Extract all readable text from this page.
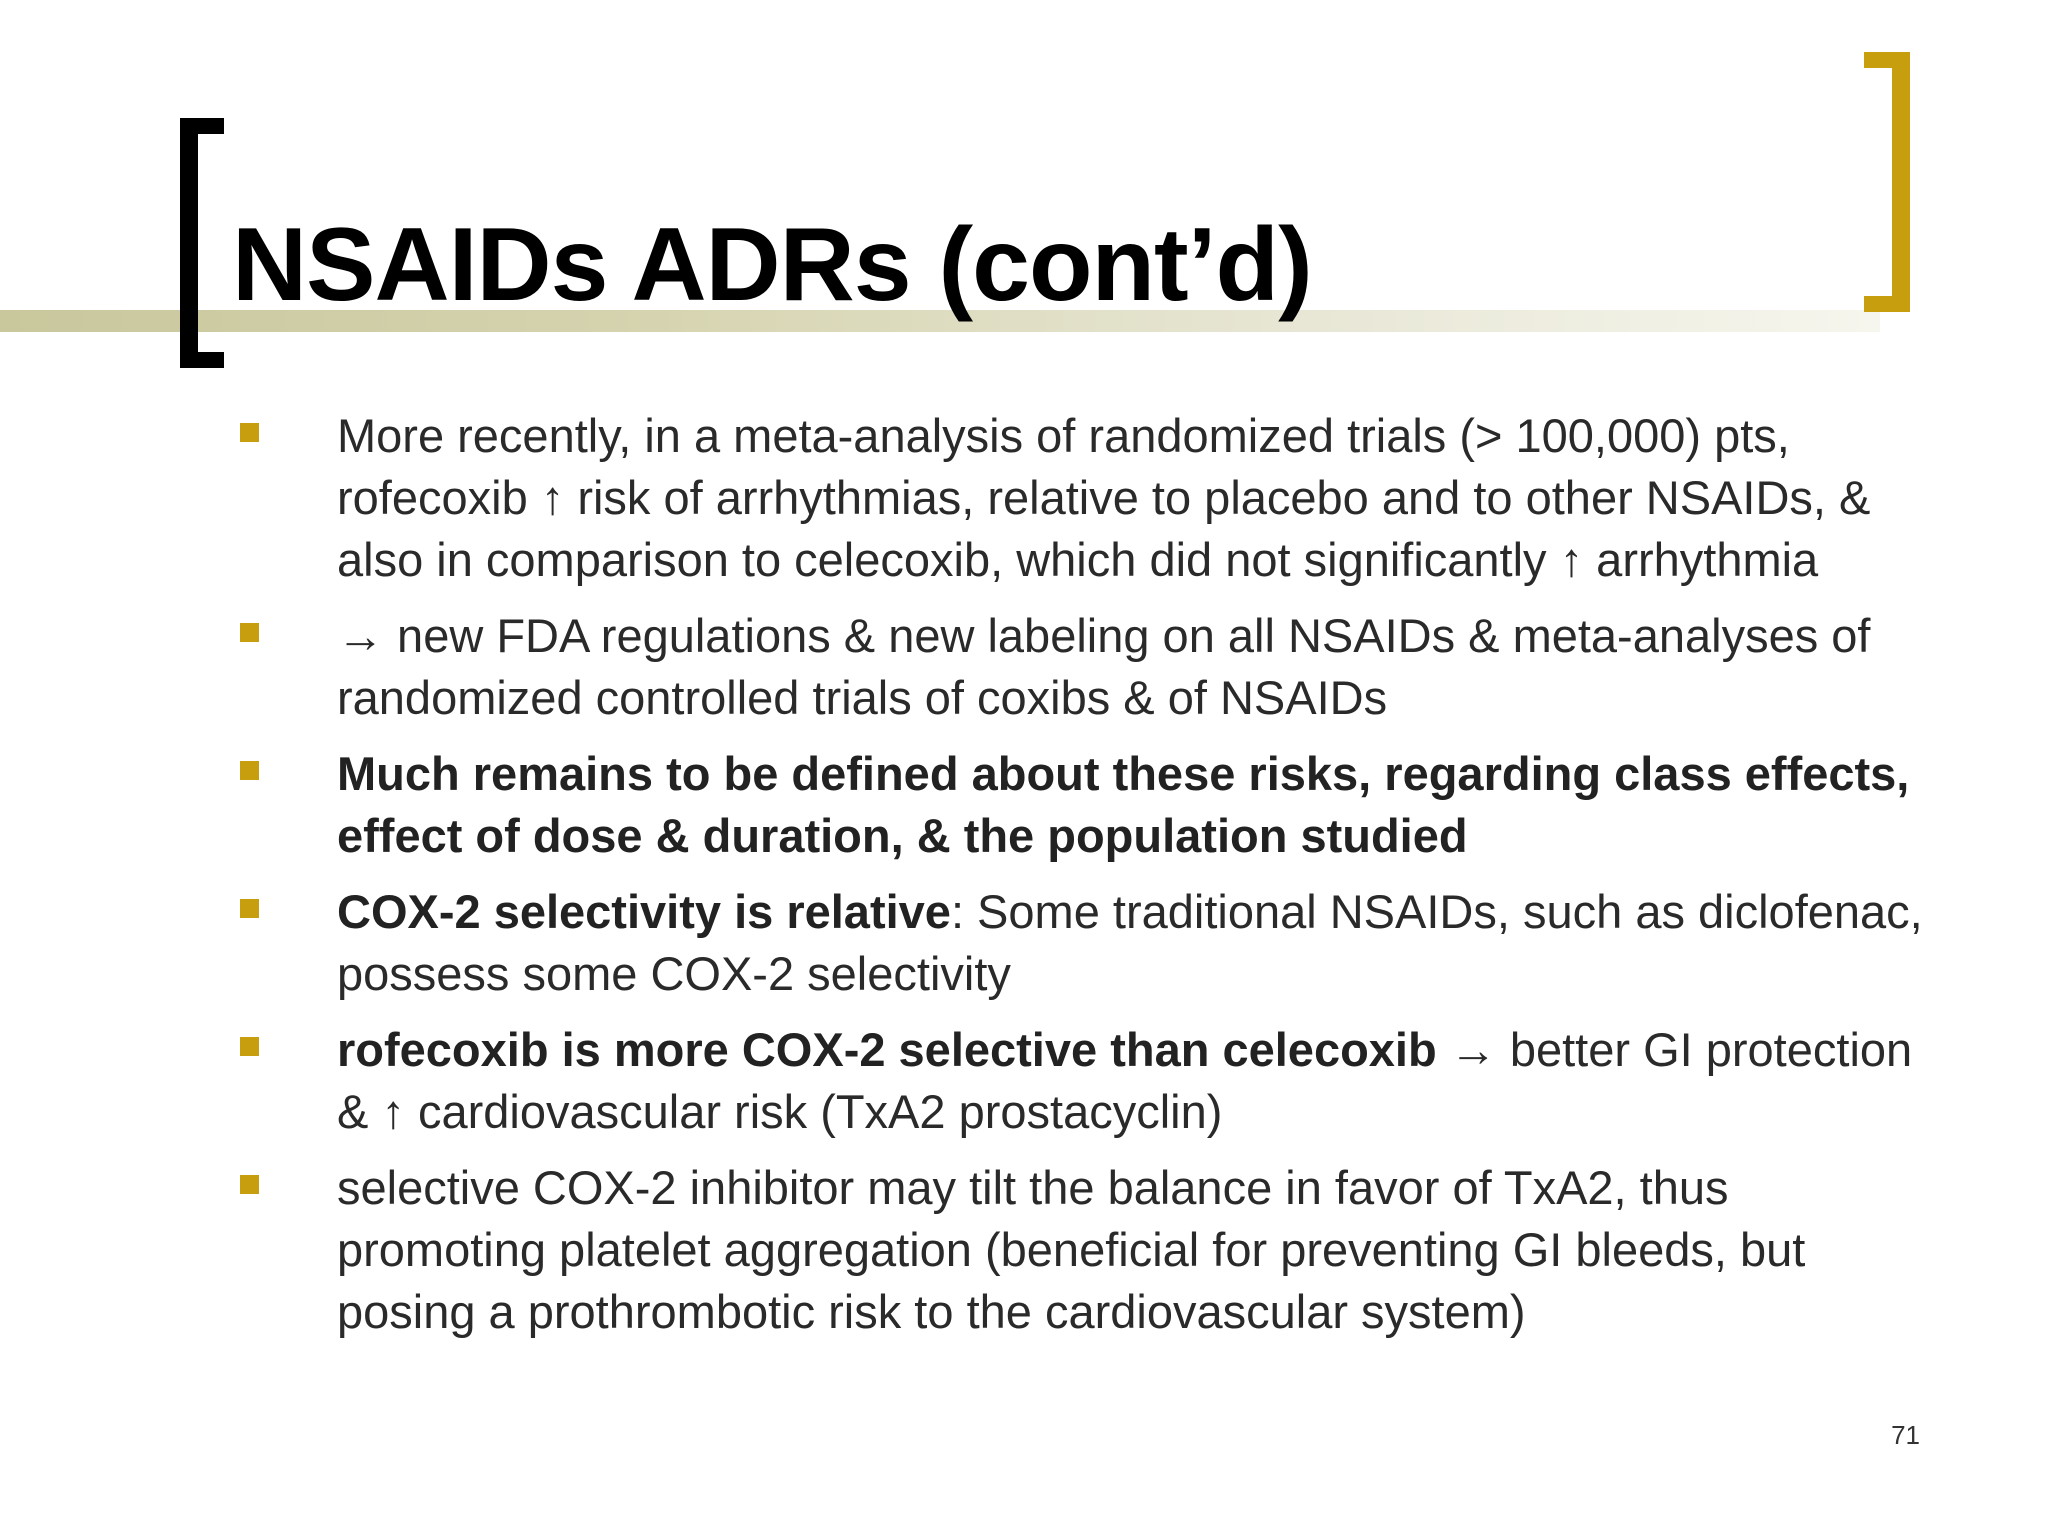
NSAIDs ADRs (cont’d)
More recently, in a meta-analysis of randomized trials (> 100,000) pts, rofecoxib ↑ risk of arrhythmias, relative to placebo and to other NSAIDs, & also in comparison to celecoxib, which did not significantly ↑ arrhythmia
→ new FDA regulations & new labeling on all NSAIDs & meta-analyses of randomized controlled trials of coxibs & of NSAIDs
Much remains to be defined about these risks, regarding class effects, effect of dose & duration, & the population studied
COX-2 selectivity is relative: Some traditional NSAIDs, such as diclofenac, possess some COX-2 selectivity
rofecoxib is more COX-2 selective than celecoxib → better GI protection & ↑ cardiovascular risk (TxA2 prostacyclin)
selective COX-2 inhibitor may tilt the balance in favor of TxA2, thus promoting platelet aggregation (beneficial for preventing GI bleeds, but posing a prothrombotic risk to the cardiovascular system)
71
